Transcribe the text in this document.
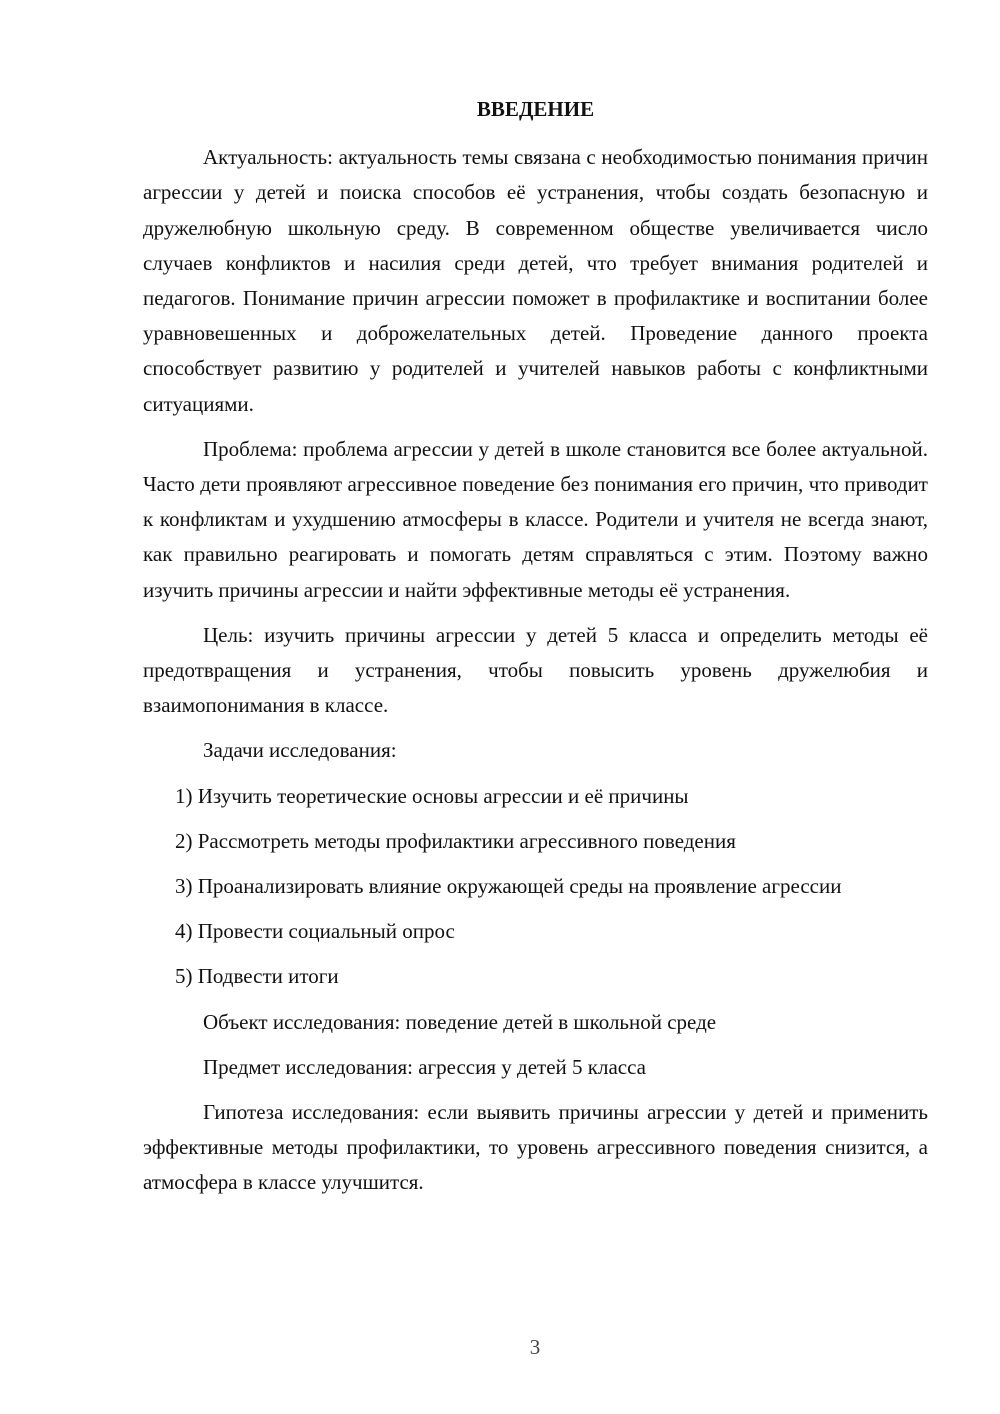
ВВЕДЕНИЕ

Актуальность: актуальность темы связана с необходимостью понимания причин агрессии у детей и поиска способов её устранения, чтобы создать безопасную и дружелюбную школьную среду. В современном обществе увеличивается число случаев конфликтов и насилия среди детей, что требует внимания родителей и педагогов. Понимание причин агрессии поможет в профилактике и воспитании более уравновешенных и доброжелательных детей. Проведение данного проекта способствует развитию у родителей и учителей навыков работы с конфликтными ситуациями.

Проблема: проблема агрессии у детей в школе становится все более актуальной. Часто дети проявляют агрессивное поведение без понимания его причин, что приводит к конфликтам и ухудшению атмосферы в классе. Родители и учителя не всегда знают, как правильно реагировать и помогать детям справляться с этим. Поэтому важно изучить причины агрессии и найти эффективные методы её устранения.

Цель: изучить причины агрессии у детей 5 класса и определить методы её предотвращения и устранения, чтобы повысить уровень дружелюбия и взаимопонимания в классе.

Задачи исследования:

1) Изучить теоретические основы агрессии и её причины

2) Рассмотреть методы профилактики агрессивного поведения

3) Проанализировать влияние окружающей среды на проявление агрессии

4) Провести социальный опрос

5) Подвести итоги

Объект исследования: поведение детей в школьной среде

Предмет исследования: агрессия у детей 5 класса

Гипотеза исследования: если выявить причины агрессии у детей и применить эффективные методы профилактики, то уровень агрессивного поведения снизится, а атмосфера в классе улучшится.

3
